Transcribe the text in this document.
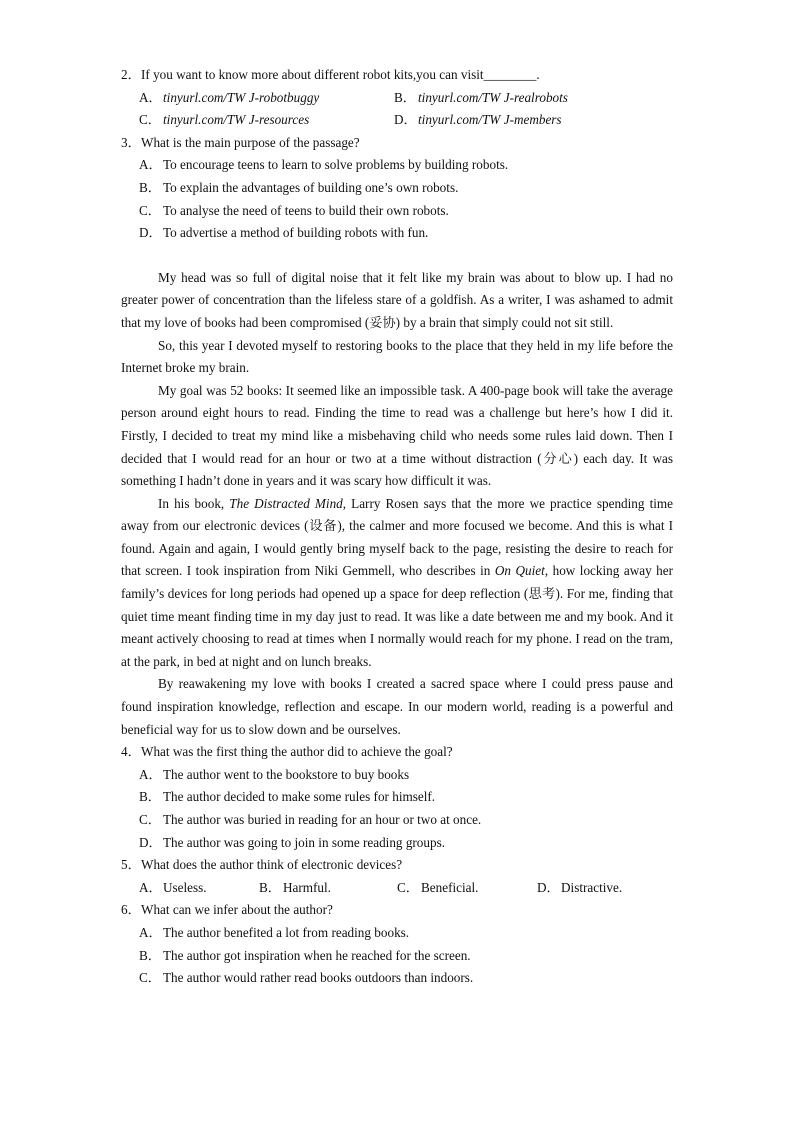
2．If you want to know more about different robot kits,you can visit________.

A．tinyurl.com/TW J-robotbuggy	B． tinyurl.com/TW J-realrobots

C． tinyurl.com/TW J-resources	D．tinyurl.com/TW J-members

3．What is the main purpose of the passage?

A．To encourage teens to learn to solve problems by building robots.

B． To explain the advantages of building one’s own robots.

C． To analyse the need of teens to build their own robots.

D．To advertise a method of building robots with fun.

My head was so full of digital noise that it felt like my brain was about to blow up. I had no greater power of concentration than the lifeless stare of a goldfish. As a writer, I was ashamed to admit that my love of books had been compromised (妥协) by a brain that simply could not sit still.

So, this year I devoted myself to restoring books to the place that they held in my life before the Internet broke my brain.

My goal was 52 books: It seemed like an impossible task. A 400-page book will take the average person around eight hours to read. Finding the time to read was a challenge but here’s how I did it. Firstly, I decided to treat my mind like a misbehaving child who needs some rules laid down. Then I decided that I would read for an hour or two at a time without distraction (分心) each day. It was something I hadn’t done in years and it was scary how difficult it was.

In his book, The Distracted Mind, Larry Rosen says that the more we practice spending time away from our electronic devices (设备), the calmer and more focused we become. And this is what I found. Again and again, I would gently bring myself back to the page, resisting the desire to reach for that screen. I took inspiration from Niki Gemmell, who describes in On Quiet, how locking away her family’s devices for long periods had opened up a space for deep reflection (思考). For me, finding that quiet time meant finding time in my day just to read. It was like a date between me and my book. And it meant actively choosing to read at times when I normally would reach for my phone. I read on the tram, at the park, in bed at night and on lunch breaks.

By reawakening my love with books I created a sacred space where I could press pause and found inspiration knowledge, reflection and escape. In our modern world, reading is a powerful and beneficial way for us to slow down and be ourselves.

4．What was the first thing the author did to achieve the goal?

A．The author went to the bookstore to buy books

B． The author decided to make some rules for himself.

C． The author was buried in reading for an hour or two at once.

D．The author was going to join in some reading groups.

5．What does the author think of electronic devices?

A．Useless.	B． Harmful.	C． Beneficial.	D．Distractive.

6．What can we infer about the author?

A．The author benefited a lot from reading books.

B． The author got inspiration when he reached for the screen.

C． The author would rather read books outdoors than indoors.
